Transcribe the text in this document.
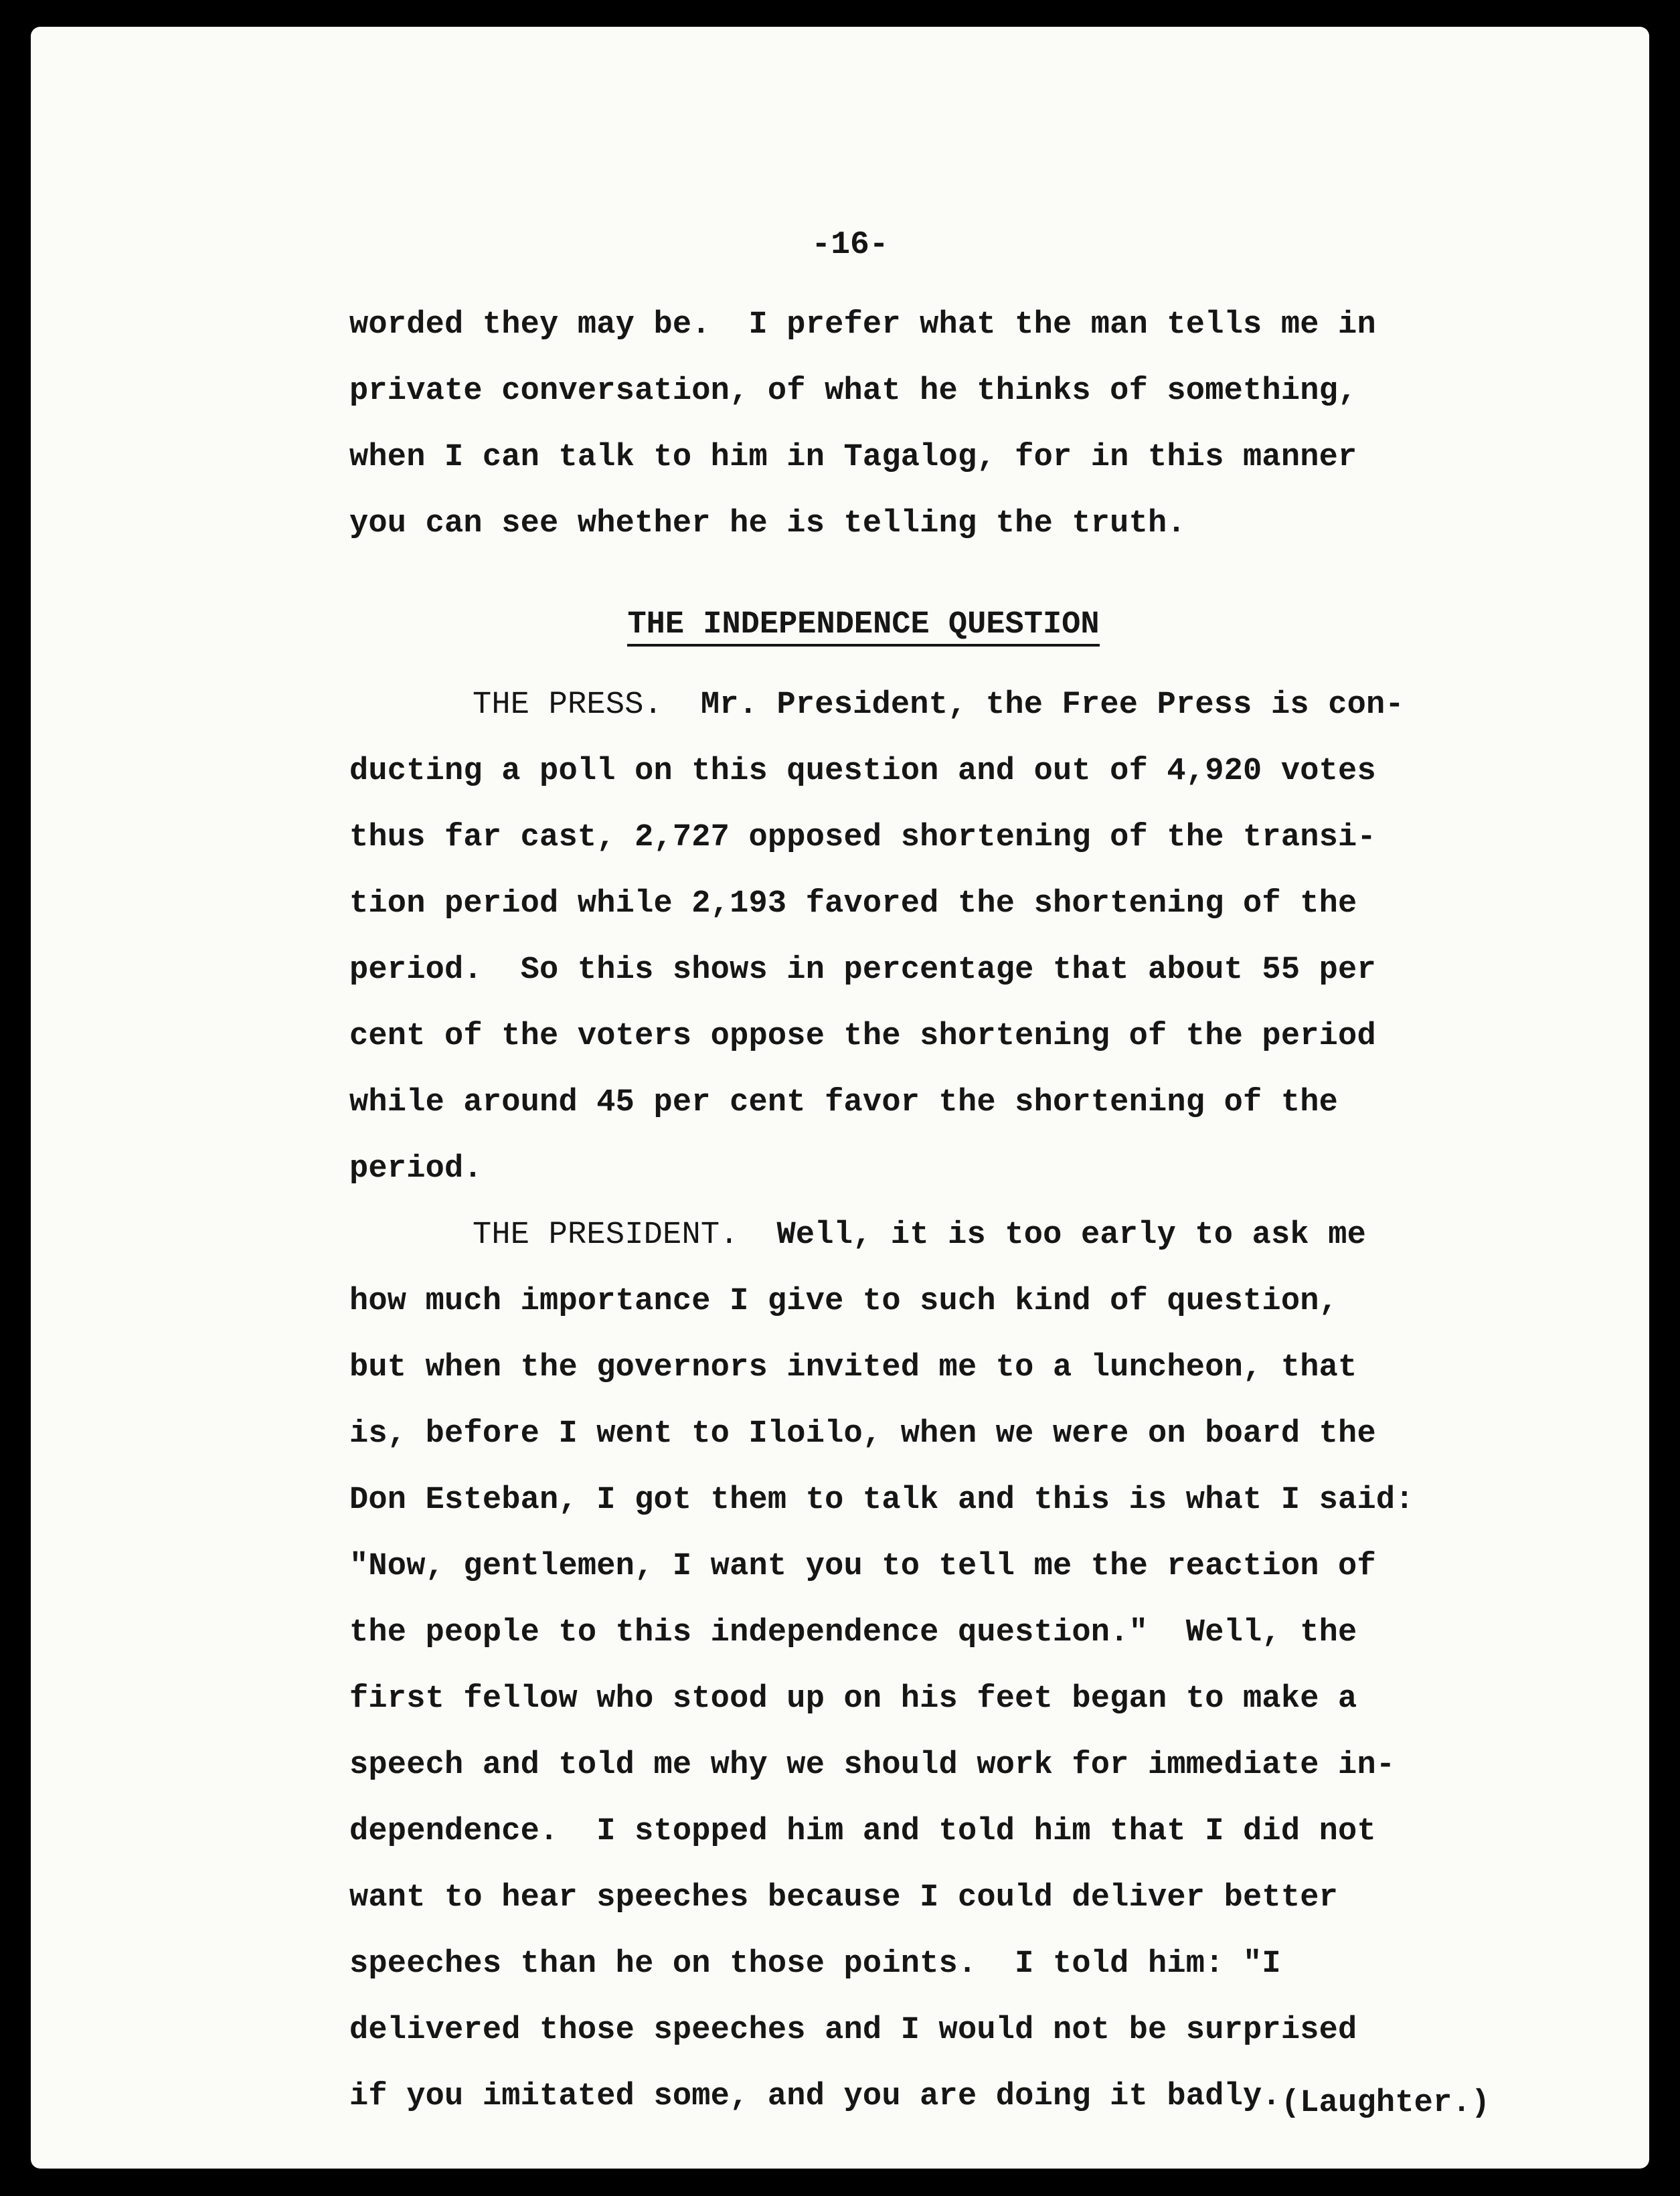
-16-
worded they may be.  I prefer what the man tells me in
private conversation, of what he thinks of something,
when I can talk to him in Tagalog, for in this manner
you can see whether he is telling the truth.
THE INDEPENDENCE QUESTION
THE PRESS.  Mr. President, the Free Press is con-
ducting a poll on this question and out of 4,920 votes
thus far cast, 2,727 opposed shortening of the transi-
tion period while 2,193 favored the shortening of the
period.  So this shows in percentage that about 55 per
cent of the voters oppose the shortening of the period
while around 45 per cent favor the shortening of the
period.
THE PRESIDENT.  Well, it is too early to ask me
how much importance I give to such kind of question,
but when the governors invited me to a luncheon, that
is, before I went to Iloilo, when we were on board the
Don Esteban, I got them to talk and this is what I said:
"Now, gentlemen, I want you to tell me the reaction of
the people to this independence question."  Well, the
first fellow who stood up on his feet began to make a
speech and told me why we should work for immediate in-
dependence.  I stopped him and told him that I did not
want to hear speeches because I could deliver better
speeches than he on those points.  I told him: "I
delivered those speeches and I would not be surprised
if you imitated some, and you are doing it badly.(Laughter.)
